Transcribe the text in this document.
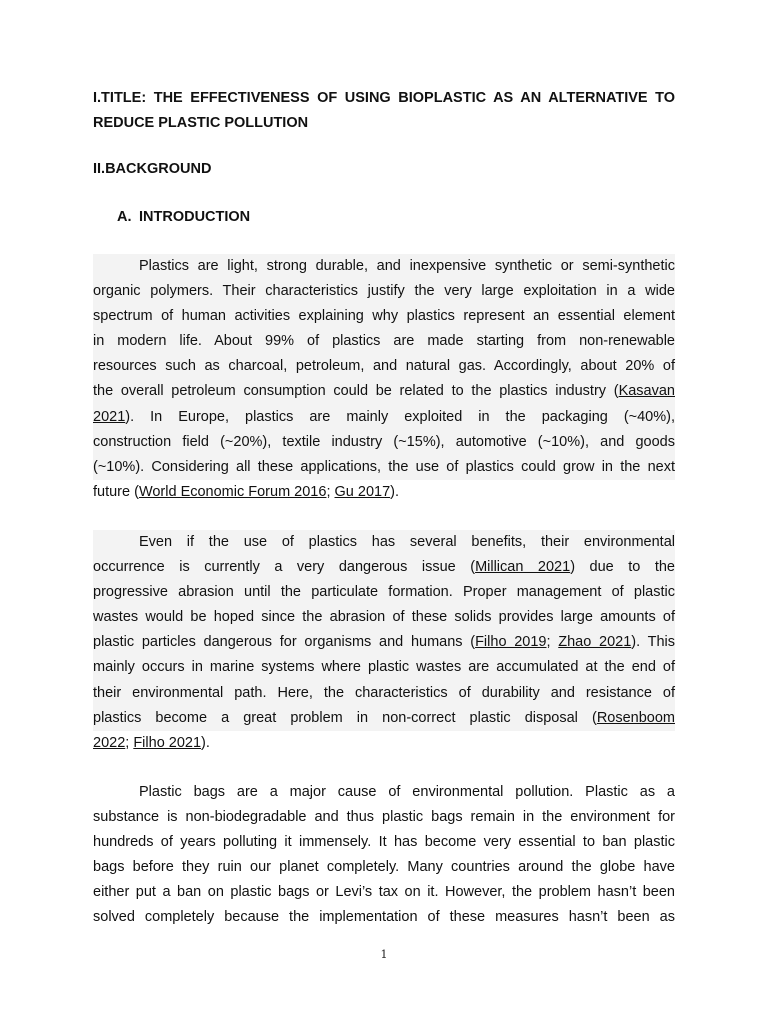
I.TITLE: THE EFFECTIVENESS OF USING BIOPLASTIC AS AN ALTERNATIVE TO REDUCE PLASTIC POLLUTION
II.BACKGROUND
A. INTRODUCTION
Plastics are light, strong durable, and inexpensive synthetic or semi-synthetic
organic polymers. Their characteristics justify the very large exploitation in a wide
spectrum of human activities explaining why plastics represent an essential element
in modern life. About 99% of plastics are made starting from non-renewable
resources such as charcoal, petroleum, and natural gas. Accordingly, about 20% of
the overall petroleum consumption could be related to the plastics industry (Kasavan
2021). In Europe, plastics are mainly exploited in the packaging (~40%),
construction field (~20%), textile industry (~15%), automotive (~10%), and goods
(~10%). Considering all these applications, the use of plastics could grow in the next
future (World Economic Forum 2016; Gu 2017).
Even if the use of plastics has several benefits, their environmental
occurrence is currently a very dangerous issue (Millican 2021) due to the
progressive abrasion until the particulate formation. Proper management of plastic
wastes would be hoped since the abrasion of these solids provides large amounts of
plastic particles dangerous for organisms and humans (Filho 2019; Zhao 2021). This
mainly occurs in marine systems where plastic wastes are accumulated at the end of
their environmental path. Here, the characteristics of durability and resistance of
plastics become a great problem in non-correct plastic disposal (Rosenboom
2022; Filho 2021).
Plastic bags are a major cause of environmental pollution. Plastic as a
substance is non-biodegradable and thus plastic bags remain in the environment for
hundreds of years polluting it immensely. It has become very essential to ban plastic
bags before they ruin our planet completely. Many countries around the globe have
either put a ban on plastic bags or Levi’s tax on it. However, the problem hasn’t been
solved completely because the implementation of these measures hasn’t been as
1
